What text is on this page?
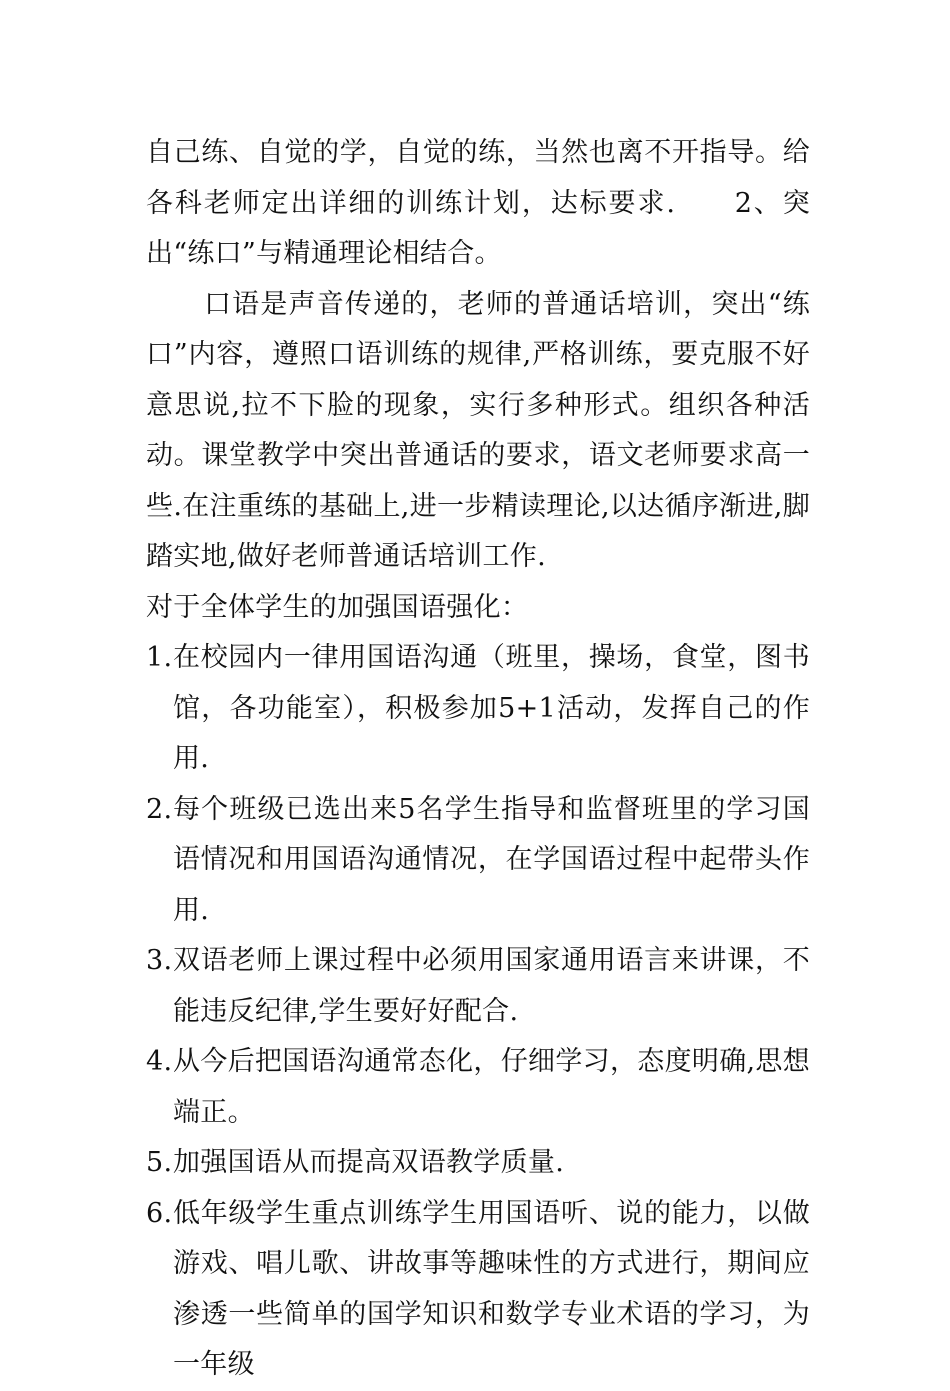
自己练、自觉的学，自觉的练，当然也离不开指导。给各科老师定出详细的训练计划，达标要求.　　2、突出“练口”与精通理论相结合。

口语是声音传递的，老师的普通话培训，突出“练口”内容，遵照口语训练的规律,严格训练，要克服不好意思说,拉不下脸的现象，实行多种形式。组织各种活动。课堂教学中突出普通话的要求，语文老师要求高一些.在注重练的基础上,进一步精读理论,以达循序渐进,脚踏实地,做好老师普通话培训工作.

对于全体学生的加强国语强化：

1. 在校园内一律用国语沟通（班里，操场，食堂，图书馆，各功能室），积极参加5+1活动，发挥自己的作用.
2. 每个班级已选出来5名学生指导和监督班里的学习国语情况和用国语沟通情况，在学国语过程中起带头作用.
3. 双语老师上课过程中必须用国家通用语言来讲课，不能违反纪律,学生要好好配合.
4. 从今后把国语沟通常态化，仔细学习，态度明确,思想端正。
5. 加强国语从而提高双语教学质量.
6. 低年级学生重点训练学生用国语听、说的能力，以做游戏、唱儿歌、讲故事等趣味性的方式进行，期间应渗透一些简单的国学知识和数学专业术语的学习，为一年级
